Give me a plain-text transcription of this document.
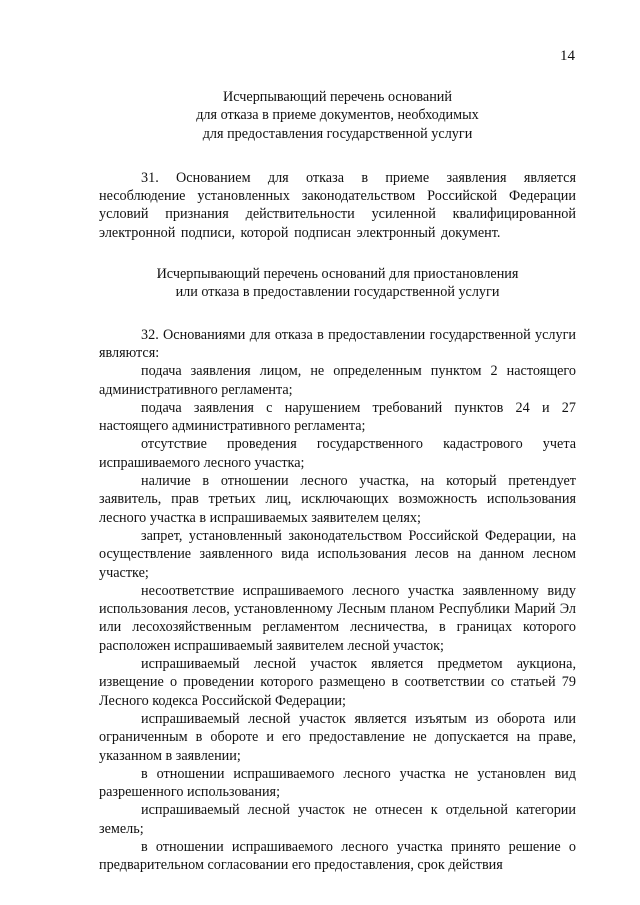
14
Исчерпывающий перечень оснований
для отказа в приеме документов, необходимых
для предоставления государственной услуги

31. Основанием для отказа в приеме заявления является несоблюдение установленных законодательством Российской Федерации условий признания действительности усиленной квалифицированной электронной подписи, которой подписан электронный документ.

Исчерпывающий перечень оснований для приостановления
или отказа в предоставлении государственной услуги

32. Основаниями для отказа в предоставлении государственной услуги являются:

подача заявления лицом, не определенным пунктом 2 настоящего административного регламента;

подача заявления с нарушением требований пунктов 24 и 27 настоящего административного регламента;

отсутствие проведения государственного кадастрового учета испрашиваемого лесного участка;

наличие в отношении лесного участка, на который претендует заявитель, прав третьих лиц, исключающих возможность использования лесного участка в испрашиваемых заявителем целях;

запрет, установленный законодательством Российской Федерации, на осуществление заявленного вида использования лесов на данном лесном участке;

несоответствие испрашиваемого лесного участка заявленному виду использования лесов, установленному Лесным планом Республики Марий Эл или лесохозяйственным регламентом лесничества, в границах которого расположен испрашиваемый заявителем лесной участок;

испрашиваемый лесной участок является предметом аукциона, извещение о проведении которого размещено в соответствии со статьей 79 Лесного кодекса Российской Федерации;

испрашиваемый лесной участок является изъятым из оборота или ограниченным в обороте и его предоставление не допускается на праве, указанном в заявлении;

в отношении испрашиваемого лесного участка не установлен вид разрешенного использования;

испрашиваемый лесной участок не отнесен к отдельной категории земель;

в отношении испрашиваемого лесного участка принято решение о предварительном согласовании его предоставления, срок действия
